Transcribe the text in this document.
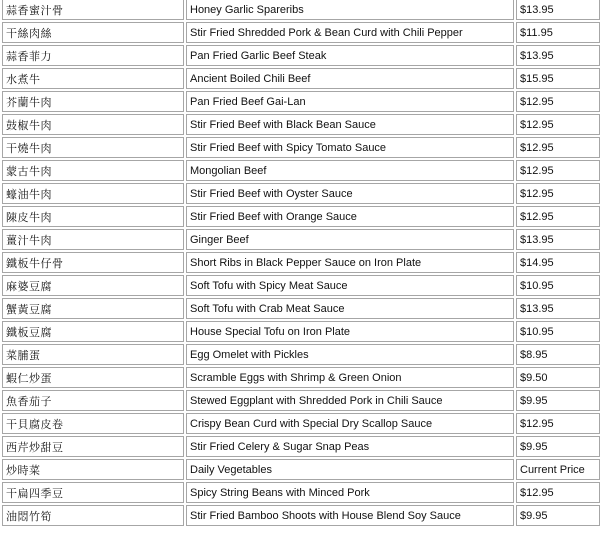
蒜香蜜汁骨	Honey Garlic Spareribs	$13.95
干絲肉絲	Stir Fried Shredded Pork & Bean Curd with Chili Pepper	$11.95
蒜香菲力	Pan Fried Garlic Beef Steak	$13.95
水煮牛	Ancient Boiled Chili Beef	$15.95
芥蘭牛肉	Pan Fried Beef Gai-Lan	$12.95
鼓椒牛肉	Stir Fried Beef with Black Bean Sauce	$12.95
干燒牛肉	Stir Fried Beef with Spicy Tomato Sauce	$12.95
蒙古牛肉	Mongolian Beef	$12.95
蠔油牛肉	Stir Fried Beef with Oyster Sauce	$12.95
陳皮牛肉	Stir Fried Beef with Orange Sauce	$12.95
薑汁牛肉	Ginger Beef	$13.95
鐵板牛仔骨	Short Ribs in Black Pepper Sauce on Iron Plate	$14.95
麻婆豆腐	Soft Tofu with Spicy Meat Sauce	$10.95
蟹黃豆腐	Soft Tofu with Crab Meat Sauce	$13.95
鐵板豆腐	House Special Tofu on Iron Plate	$10.95
菜脯蛋	Egg Omelet with Pickles	$8.95
蝦仁炒蛋	Scramble Eggs with Shrimp & Green Onion	$9.50
魚香茄子	Stewed Eggplant with Shredded Pork in Chili Sauce	$9.95
干貝腐皮卷	Crispy Bean Curd with Special Dry Scallop Sauce	$12.95
西芹炒甜豆	Stir Fried Celery & Sugar Snap Peas	$9.95
炒時菜	Daily Vegetables	Current Price
干扁四季豆	Spicy String Beans with Minced Pork	$12.95
油悶竹筍	Stir Fried Bamboo Shoots with House Blend Soy Sauce	$9.95
